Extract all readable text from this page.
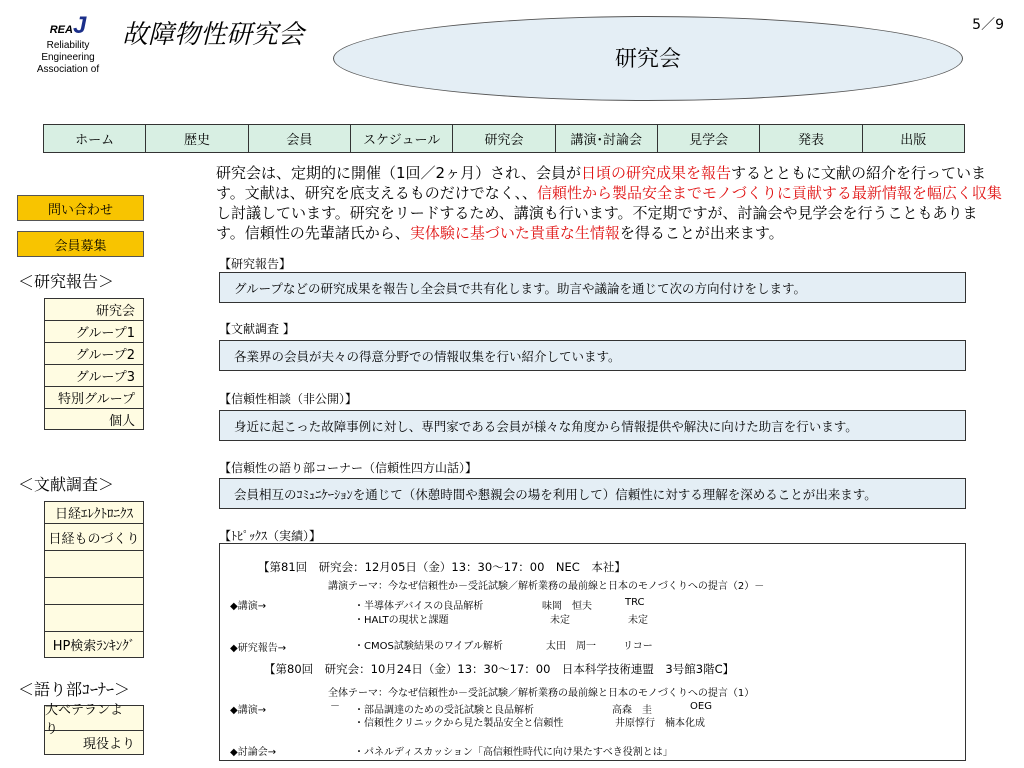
REAJ
Reliability
Engineering
Association of
故障物性研究会
研究会
5／9
ホーム	歴史	会員	スケジュール	研究会	講演･討論会	見学会	発表	出版
問い合わせ
会員募集
＜研究報告＞
研究会
グループ1
グループ2
グループ3
特別グループ
個人
＜文献調査＞
日経ｴﾚｸﾄﾛﾆｸｽ
日経ものづくり
HP検索ﾗﾝｷﾝｸﾞ
＜語り部ｺｰﾅｰ＞
大ベテランよ
現役より
研究会は、定期的に開催（1回／2ヶ月）され、会員が日頃の研究成果を報告するとともに文献の紹介を行っています。文献は、研究を底支えるものだけでなく、、信頼性から製品安全までモノづくりに貢献する最新情報を幅広く収集し討議しています。研究をリードするため、講演も行います。不定期ですが、討論会や見学会を行うこともあります。信頼性の先輩諸氏から、実体験に基づいた貴重な生情報を得ることが出来ます。
【研究報告】
グループなどの研究成果を報告し全会員で共有化します。助言や議論を通じて次の方向付けをします。
【文献調査 】
各業界の会員が夫々の得意分野での情報収集を行い紹介しています。
【信頼性相談（非公開）】
身近に起こった故障事例に対し、専門家である会員が様々な角度から情報提供や解決に向けた助言を行います。
【信頼性の語り部コーナー（信頼性四方山話）】
会員相互のｺﾐｭﾆｹｰｼｮﾝを通じて（休憩時間や懇親会の場を利用して）信頼性に対する理解を深めることが出来ます。
【ﾄﾋﾟｯｸｽ（実績）】
【第81回　研究会：12月05日（金）13：30～17：00　NEC　本社】
講演テーマ：今なぜ信頼性か－受託試験／解析業務の最前線と日本のモノづくりへの提言（2）－
◆講演→	・半導体デバイスの良品解析	味岡　恒夫	TRC
・HALTの現状と課題	未定	未定
◆研究報告→	・CMOS試験結果のワイブル解析	太田　周一	リコー
【第80回　研究会：10月24日（金）13：30～17：00　日本科学技術連盟　3号館3階C】
全体テーマ：今なぜ信頼性か－受託試験／解析業務の最前線と日本のモノづくりへの提言（1）
◆講演→	－ ・部品調達のための受託試験と良品解析	高森　圭	OEG
・信頼性クリニックから見た製品安全と信頼性	井原惇行　楠本化成
◆討論会→	・パネルディスカッション「高信頼性時代に向け果たすべき役割とは」
